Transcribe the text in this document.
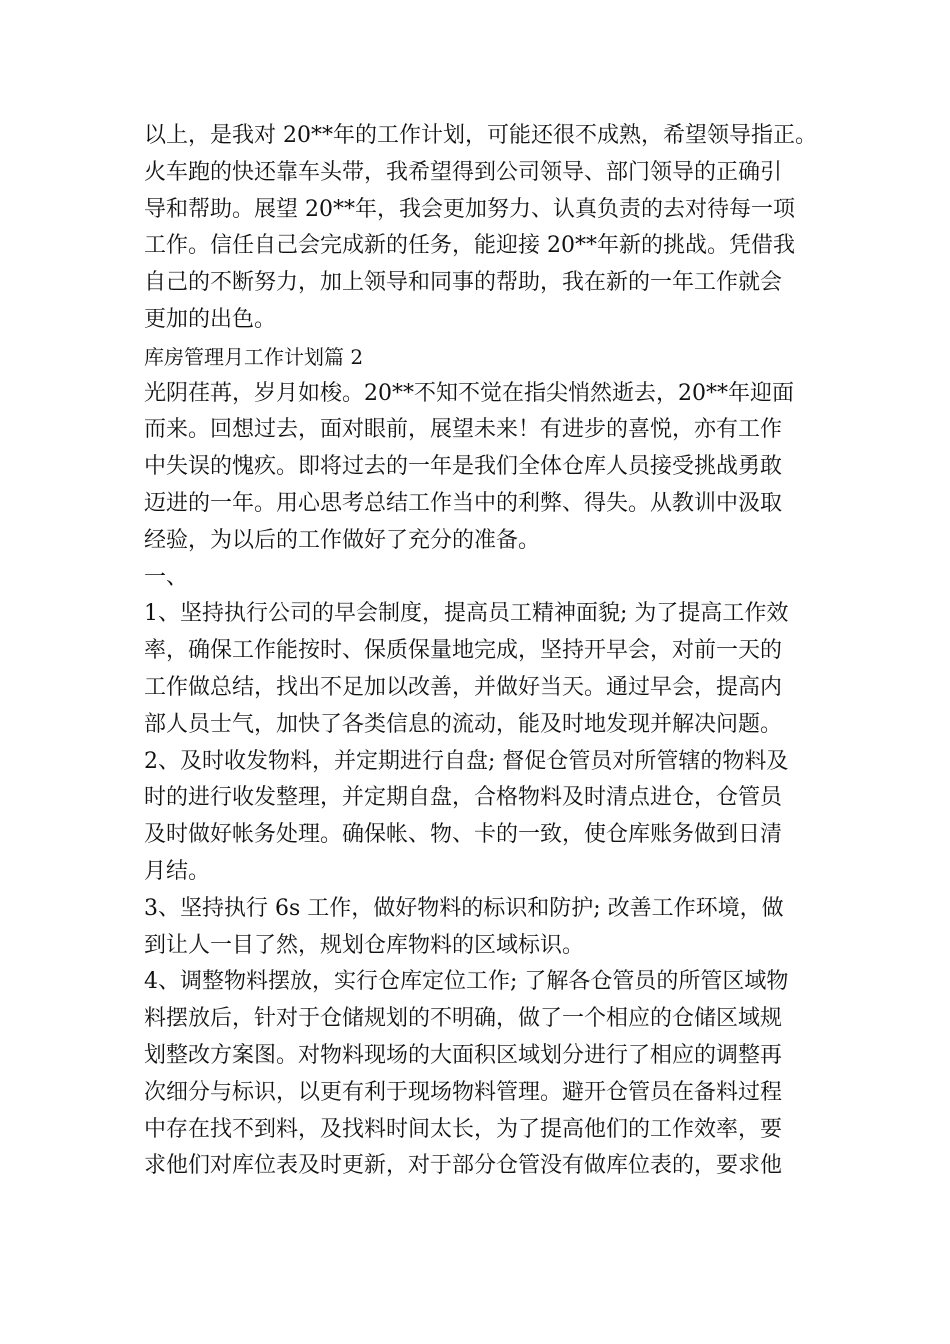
以上，是我对 20**年的工作计划，可能还很不成熟，希望领导指正。
火车跑的快还靠车头带，我希望得到公司领导、部门领导的正确引
导和帮助。展望 20**年，我会更加努力、认真负责的去对待每一项
工作。信任自己会完成新的任务，能迎接 20**年新的挑战。凭借我
自己的不断努力，加上领导和同事的帮助，我在新的一年工作就会
更加的出色。
库房管理月工作计划篇 2
光阴荏苒，岁月如梭。20**不知不觉在指尖悄然逝去，20**年迎面
而来。回想过去，面对眼前，展望未来！有进步的喜悦，亦有工作
中失误的愧疚。即将过去的一年是我们全体仓库人员接受挑战勇敢
迈进的一年。用心思考总结工作当中的利弊、得失。从教训中汲取
经验，为以后的工作做好了充分的准备。
一、
1、坚持执行公司的早会制度，提高员工精神面貌; 为了提高工作效
率，确保工作能按时、保质保量地完成，坚持开早会，对前一天的
工作做总结，找出不足加以改善，并做好当天。通过早会，提高内
部人员士气，加快了各类信息的流动，能及时地发现并解决问题。
2、及时收发物料，并定期进行自盘; 督促仓管员对所管辖的物料及
时的进行收发整理，并定期自盘，合格物料及时清点进仓，仓管员
及时做好帐务处理。确保帐、物、卡的一致，使仓库账务做到日清
月结。
3、坚持执行 6s 工作，做好物料的标识和防护; 改善工作环境，做
到让人一目了然，规划仓库物料的区域标识。
4、调整物料摆放，实行仓库定位工作; 了解各仓管员的所管区域物
料摆放后，针对于仓储规划的不明确，做了一个相应的仓储区域规
划整改方案图。对物料现场的大面积区域划分进行了相应的调整再
次细分与标识，以更有利于现场物料管理。避开仓管员在备料过程
中存在找不到料，及找料时间太长，为了提高他们的工作效率，要
求他们对库位表及时更新，对于部分仓管没有做库位表的，要求他
